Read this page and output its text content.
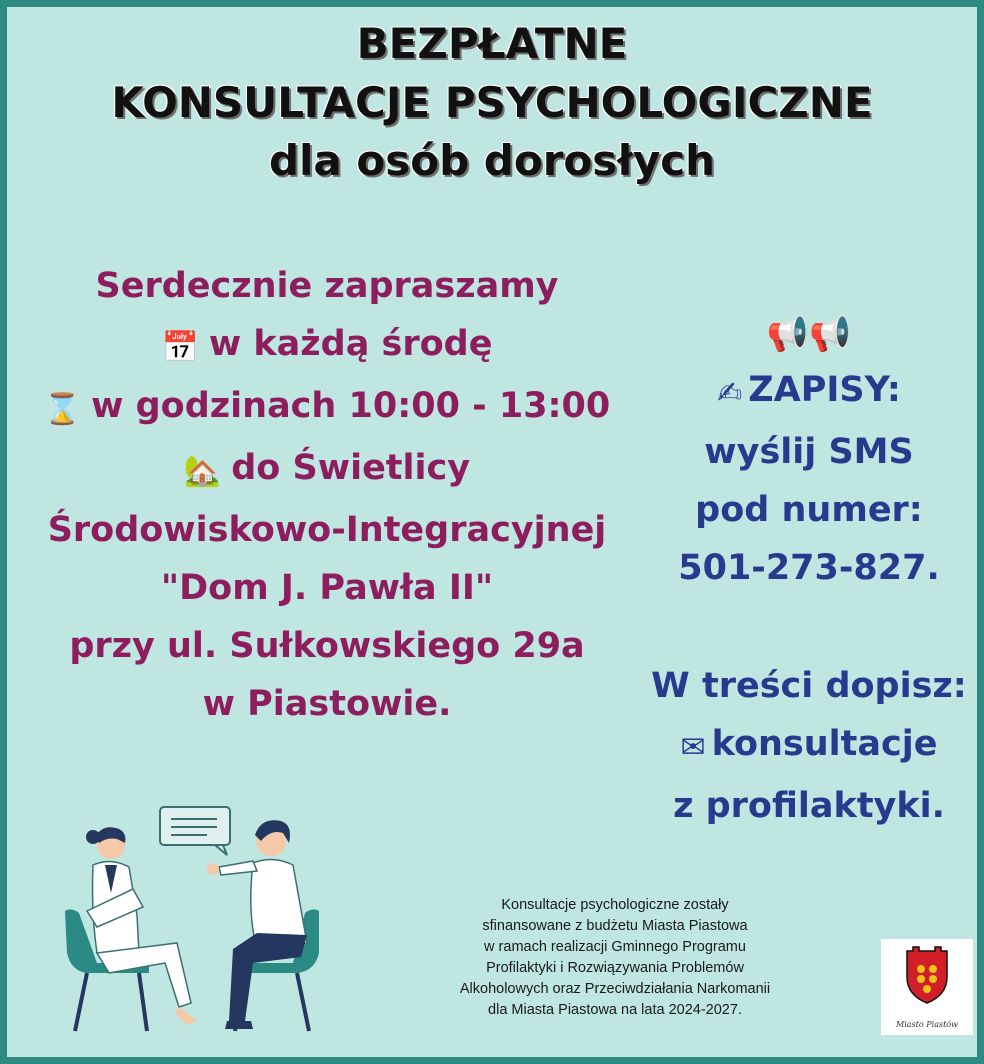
BEZPŁATNE
KONSULTACJE PSYCHOLOGICZNE
dla osób dorosłych
Serdecznie zapraszamy
📅 w każdą środę
⌛ w godzinach 10:00 - 13:00
🏡 do Świetlicy
Środowiskowo-Integracyjnej
"Dom J. Pawła II"
przy ul. Sułkowskiego 29a
w Piastowie.
📢📢
✍ ZAPISY:
wyślij SMS
pod numer:
501-273-827.
W treści dopisz:
✉ konsultacje
z profilaktyki.
Konsultacje psychologiczne zostały
sfinansowane z budżetu Miasta Piastowa
w ramach realizacji Gminnego Programu
Profilaktyki i Rozwiązywania Problemów
Alkoholowych oraz Przeciwdziałania Narkomanii
dla Miasta Piastowa na lata 2024-2027.
Miasto Piastów
